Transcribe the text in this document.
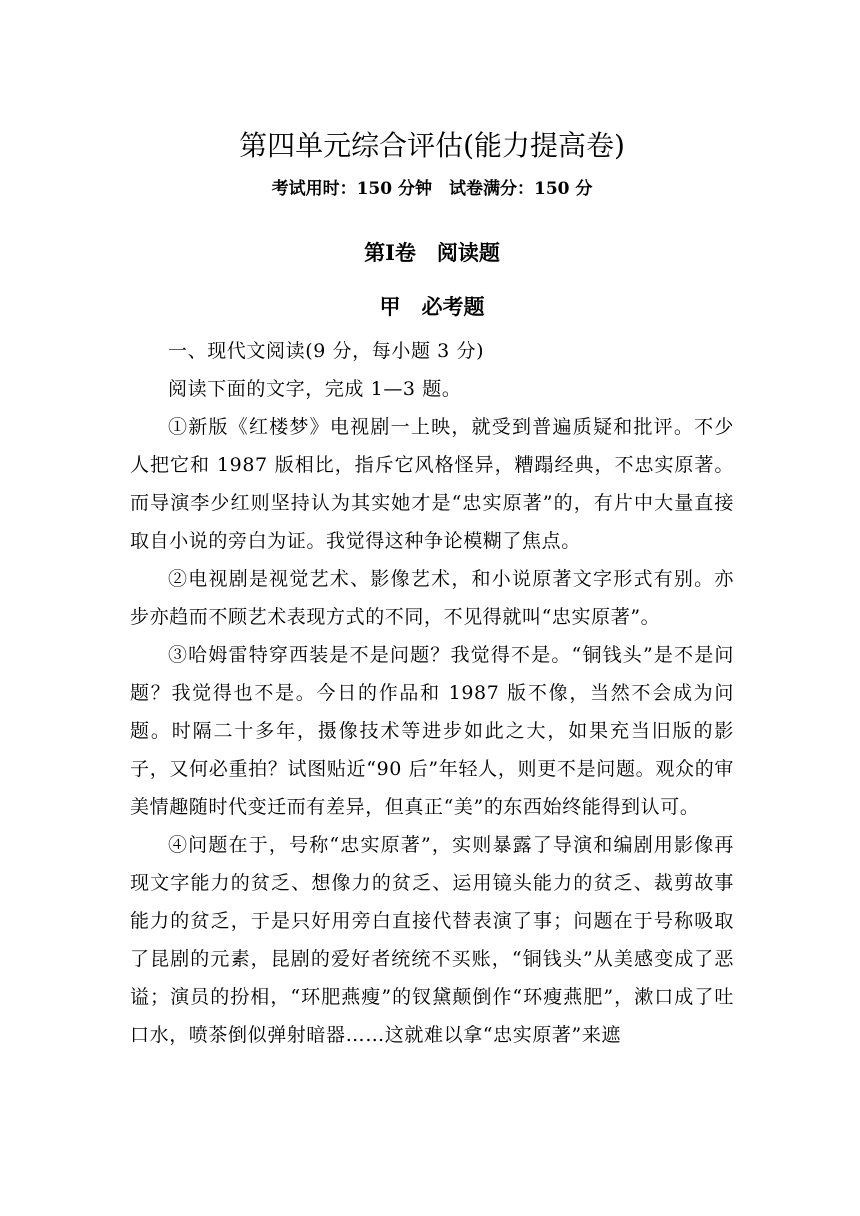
第四单元综合评估(能力提高卷)
考试用时：150 分钟　试卷满分：150 分
第Ⅰ卷　阅读题
甲　必考题

一、现代文阅读(9 分，每小题 3 分)

阅读下面的文字，完成 1—3 题。

①新版《红楼梦》电视剧一上映，就受到普遍质疑和批评。不少人把它和 1987 版相比，指斥它风格怪异，糟蹋经典，不忠实原著。而导演李少红则坚持认为其实她才是“忠实原著”的，有片中大量直接取自小说的旁白为证。我觉得这种争论模糊了焦点。

②电视剧是视觉艺术、影像艺术，和小说原著文字形式有别。亦步亦趋而不顾艺术表现方式的不同，不见得就叫“忠实原著”。

③哈姆雷特穿西装是不是问题？我觉得不是。“铜钱头”是不是问题？我觉得也不是。今日的作品和 1987 版不像，当然不会成为问题。时隔二十多年，摄像技术等进步如此之大，如果充当旧版的影子，又何必重拍？试图贴近“90 后”年轻人，则更不是问题。观众的审美情趣随时代变迁而有差异，但真正“美”的东西始终能得到认可。

④问题在于，号称“忠实原著”，实则暴露了导演和编剧用影像再现文字能力的贫乏、想像力的贫乏、运用镜头能力的贫乏、裁剪故事能力的贫乏，于是只好用旁白直接代替表演了事；问题在于号称吸取了昆剧的元素，昆剧的爱好者统统不买账，“铜钱头”从美感变成了恶谥；演员的扮相，“环肥燕瘦”的钗黛颠倒作“环瘦燕肥”，漱口成了吐口水，喷茶倒似弹射暗器……这就难以拿“忠实原著”来遮
